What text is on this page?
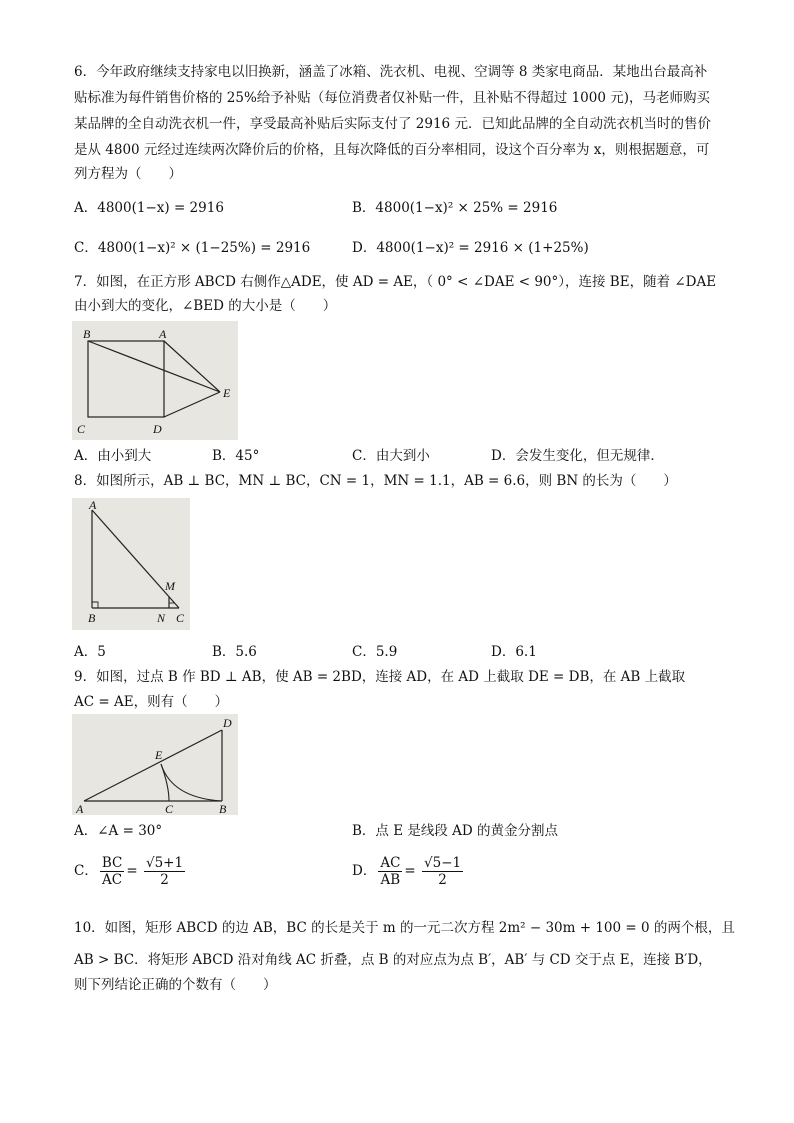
6．今年政府继续支持家电以旧换新，涵盖了冰箱、洗衣机、电视、空调等 8 类家电商品．某地出台最高补
贴标准为每件销售价格的 25%给予补贴（每位消费者仅补贴一件，且补贴不得超过 1000 元)，马老师购买
某品牌的全自动洗衣机一件，享受最高补贴后实际支付了 2916 元．已知此品牌的全自动洗衣机当时的售价
是从 4800 元经过连续两次降价后的价格，且每次降低的百分率相同，设这个百分率为 x，则根据题意，可
列方程为（　　）
A．4800(1−x) = 2916	B．4800(1−x)² × 25% = 2916
C．4800(1−x)² × (1−25%) = 2916	D．4800(1−x)² = 2916 × (1+25%)
7．如图，在正方形 ABCD 右侧作△ADE，使 AD = AE，（ 0° < ∠DAE < 90°），连接 BE，随着 ∠DAE
由小到大的变化，∠BED 的大小是（　　）
B	A
E
C	D
A．由小到大	B．45°	C．由大到小	D．会发生变化，但无规律．
8．如图所示，AB ⊥ BC，MN ⊥ BC，CN = 1，MN = 1.1，AB = 6.6，则 BN 的长为（　　）
A
M
B	N C
A．5	B．5.6	C．5.9	D．6.1
9．如图，过点 B 作 BD ⊥ AB，使 AB = 2BD，连接 AD，在 AD 上截取 DE = DB，在 AB 上截取
AC = AE，则有（　　）
D
E
A	C	B
A．∠A = 30°	B．点 E 是线段 AD 的黄金分割点
C． $\frac{BC}{AC} = \frac{√5+1}{2}$	D． $\frac{AC}{AB} = \frac{√5-1}{2}$
10．如图，矩形 ABCD 的边 AB，BC 的长是关于 m 的一元二次方程 2m² − 30m + 100 = 0 的两个根，且
AB > BC．将矩形 ABCD 沿对角线 AC 折叠，点 B 的对应点为点 B′，AB′ 与 CD 交于点 E，连接 B′D，
则下列结论正确的个数有（　　）
